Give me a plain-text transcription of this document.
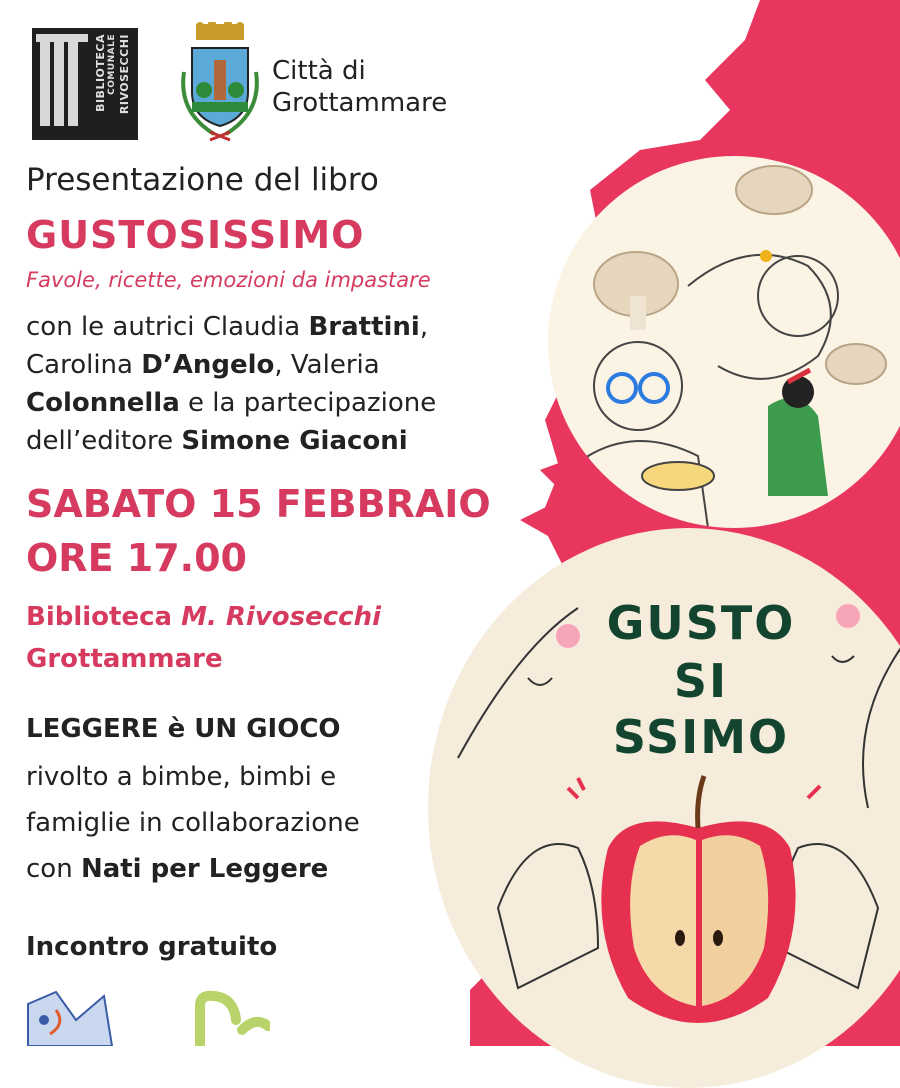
BIBLIOTECA COMUNALE RIVOSECCHI	Città di
Grottammare
Presentazione del libro
GUSTOSISSIMO
Favole, ricette, emozioni da impastare
con le autrici Claudia Brattini,
Carolina D’Angelo, Valeria
Colonnella e la partecipazione
dell’editore Simone Giaconi
SABATO 15 FEBBRAIO
ORE 17.00
Biblioteca M. Rivosecchi
Grottammare
LEGGERE è UN GIOCO
rivolto a bimbe, bimbi e
famiglie in collaborazione
con Nati per Leggere
Incontro gratuito
GUSTO
SI
SSIMO
